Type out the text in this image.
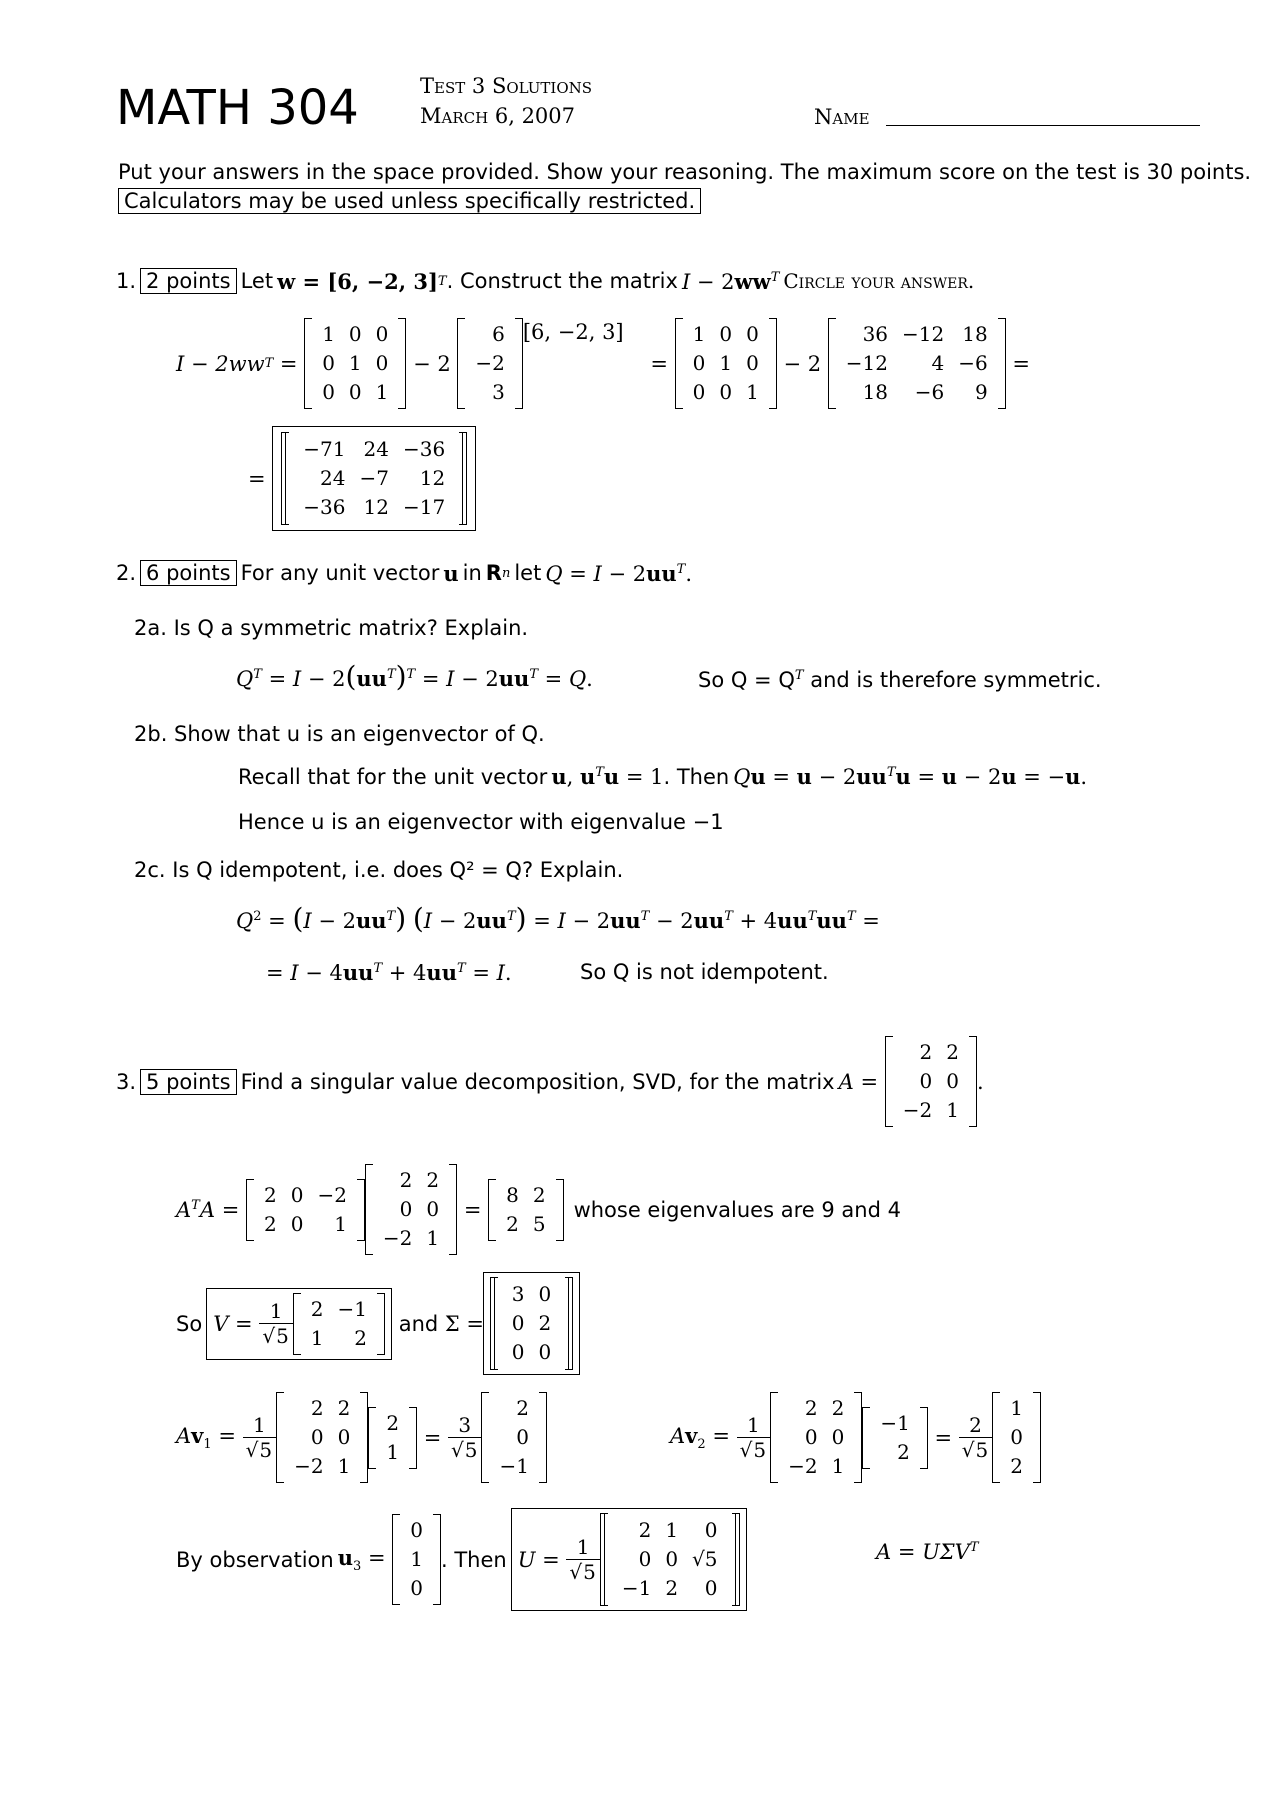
MATH 304	Test 3 Solutions
March 6, 2007	Name
Put your answers in the space provided. Show your reasoning. The maximum score on the test is 30 points.
Calculators may be used unless specifically restricted.
1.
2 points
Let
w = [6, −2, 3] T . Construct the matrix
$I - 2ww^T$
Circle your answer.
I − 2ww T =
1	0	0
0	1	0
0	0	1
− 2
6
−2
3
[6, −2, 3]
=
1	0	0
0	1	0
0	0	1
− 2
36	−12	18
−12	4	−6
18	−6	9
=
=
−71	24	−36
24	−7	12
−36	12	−17
2.
6 points
For any unit vector
u
in
R n
let
$Q = I - 2uu^T$.
2a. Is Q a symmetric matrix? Explain.
$Q^T = I - 2(uu^T)^T = I - 2uu^T = Q$.	So $Q = Q^T$ and is therefore symmetric.
2b. Show that u is an eigenvector of Q.
Recall that for the unit vector
u, $u^Tu = 1$ . Then
$Qu = u - 2uu^Tu = u - 2u = -u$.
Hence u is an eigenvector with eigenvalue −1
2c. Is Q idempotent, i.e. does Q² = Q? Explain.
$Q^2 = (I - 2uu^T) (I - 2uu^T) = I - 2uu^T - 2uu^T + 4uu^Tuu^T$ =
= $I - 4uu^T + 4uu^T = I$.	So Q is not idempotent.
3.
5 points
Find a singular value decomposition, SVD, for the matrix
A =
2	2
0	0
−2	1
.
$A^TA$ =
2	0	−2
2	0	1
2	2
0	0
−2	1
=
8	2
2	5
whose eigenvalues are 9 and 4
So
$V = \frac{1}{√5} 2$	−1
1	2

and Σ =
3	0
0	2
0	0
$Av_1 = \frac{1}{√5}$
2	2
0	0
−2	1
2
1
= $\frac{3}{√5}$
2
0
−1
$Av_2 = \frac{1}{√5}$
2	2
0	0
−2	1
−1
2
= $\frac{2}{√5}$
1
0
2
By observation
$u_3$ =
0
1
0
. Then
$U = \frac{1}{√5}$
2	1	0
0	0	√5
−1	2	0
$A = U\Sigma V^T$
